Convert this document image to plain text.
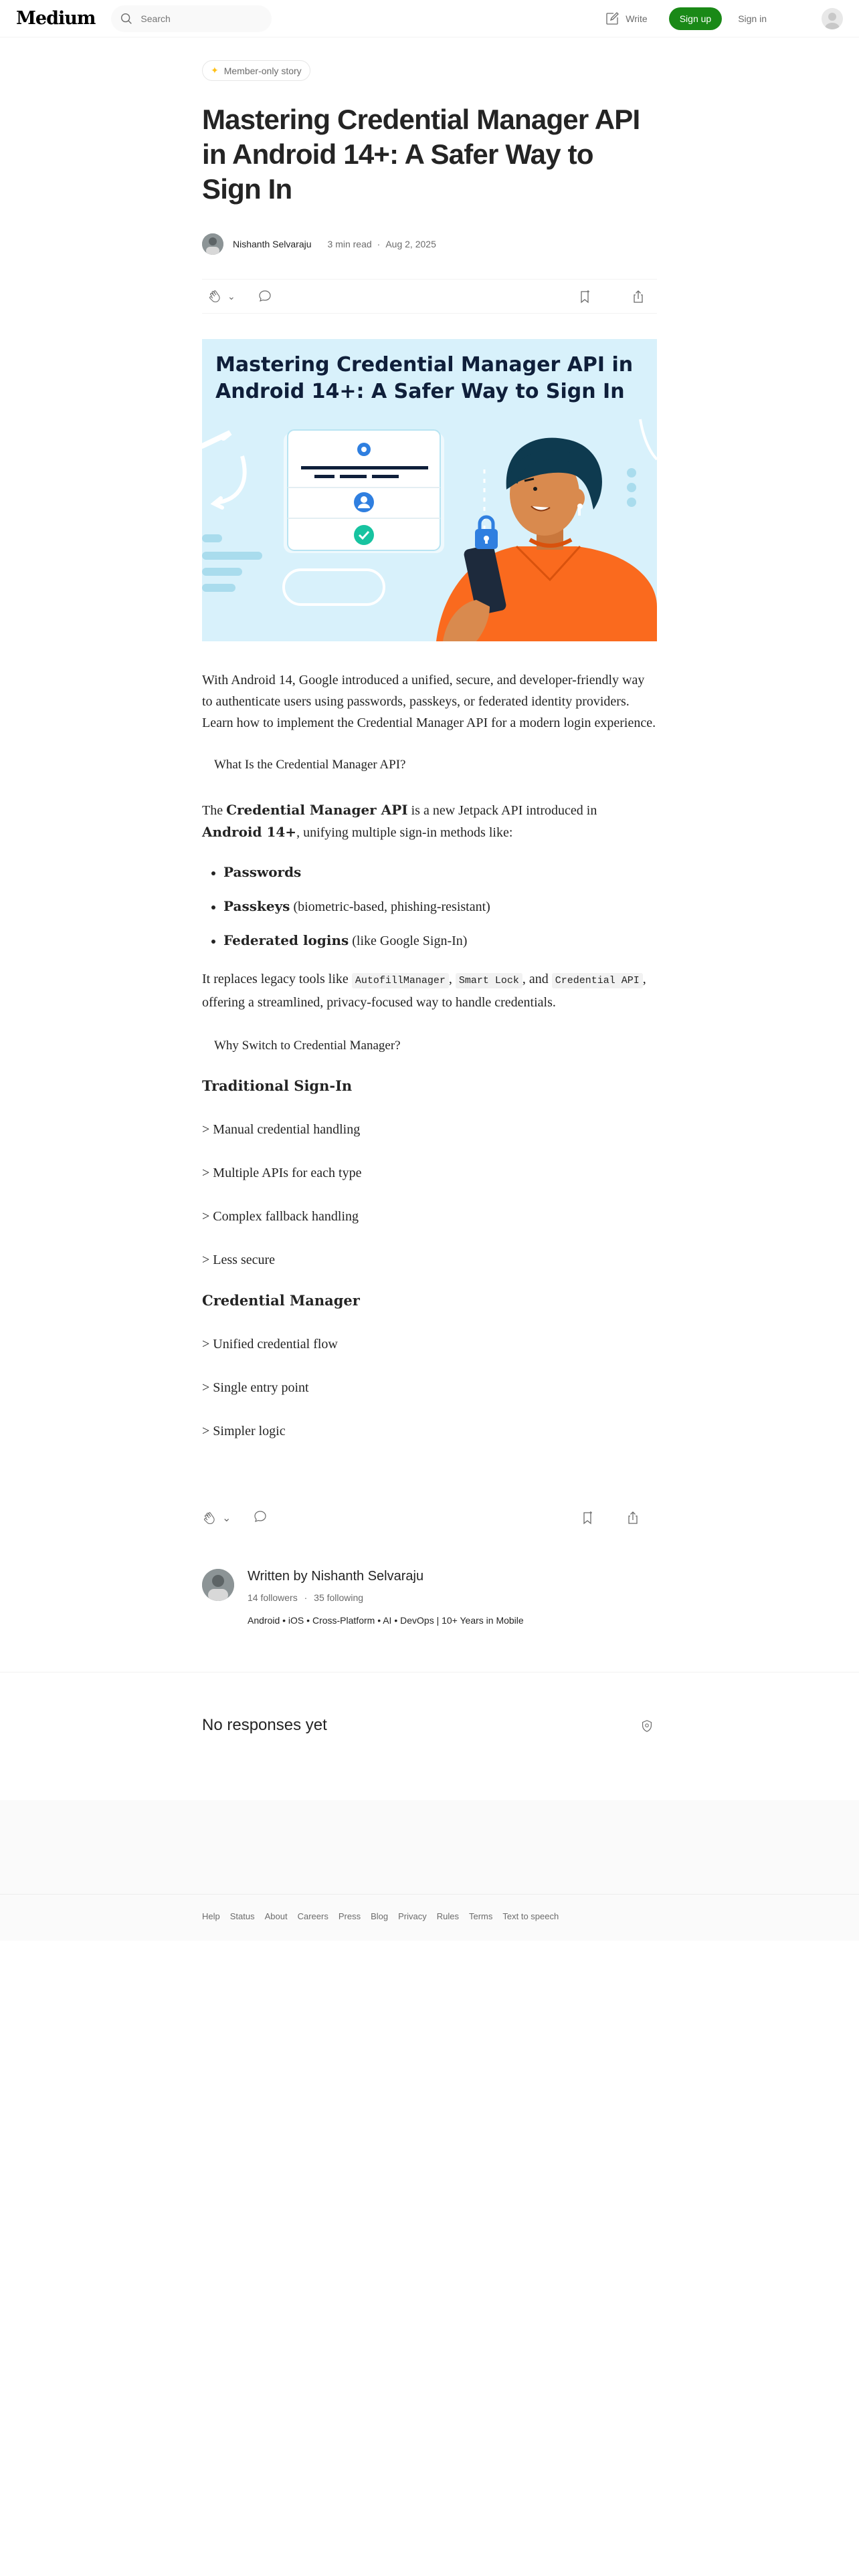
Medium
Search	Write	Sign up	Sign in
✦ Member-only story
Mastering Credential Manager API in Android 14+: A Safer Way to Sign In
Nishanth Selvaraju 3 min read · Aug 2, 2025
⌄
Mastering Credential Manager API in
Android 14+: A Safer Way to Sign In

With Android 14, Google introduced a unified, secure, and developer-friendly way to authenticate users using passwords, passkeys, or federated identity providers. Learn how to implement the Credential Manager API for a modern login experience.

What Is the Credential Manager API?

The Credential Manager API is a new Jetpack API introduced in Android 14+, unifying multiple sign-in methods like:

• Passwords
• Passkeys (biometric-based, phishing-resistant)
• Federated logins (like Google Sign-In)

It replaces legacy tools like AutofillManager , Smart Lock , and Credential API , offering a streamlined, privacy-focused way to handle credentials.

Why Switch to Credential Manager?

Traditional Sign-In

> Manual credential handling

> Multiple APIs for each type

> Complex fallback handling

> Less secure

Credential Manager

> Unified credential flow

> Single entry point

> Simpler logic

⌄
Written by Nishanth Selvaraju
14 followers · 35 following
Android • iOS • Cross-Platform • AI • DevOps | 10+ Years in Mobile
No responses yet
Help Status About Careers Press Blog Privacy Rules Terms Text to speech
